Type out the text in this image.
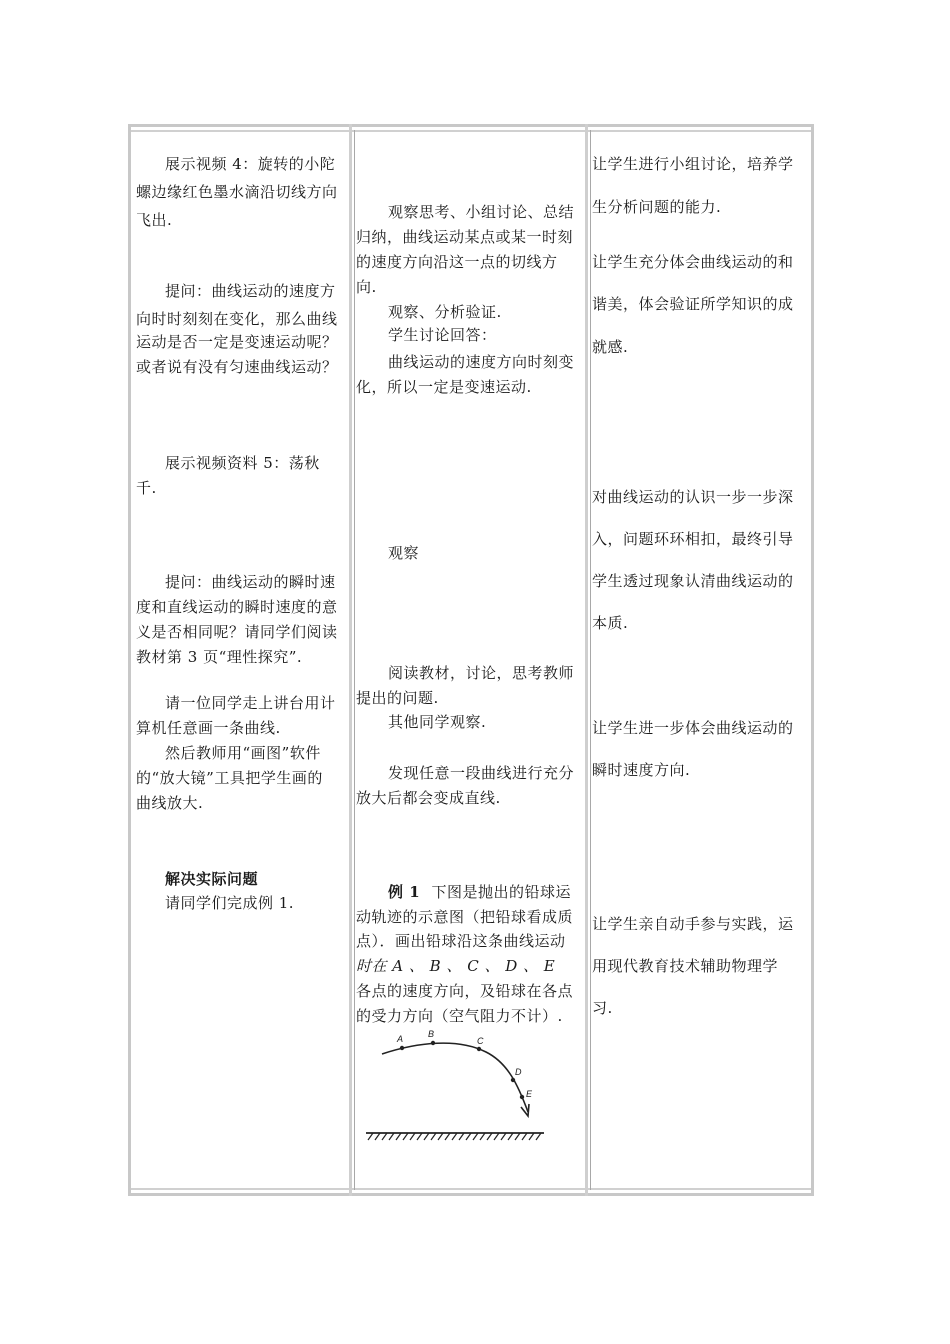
展示视频 4：旋转的小陀
螺边缘红色墨水滴沿切线方向
飞出.
提问：曲线运动的速度方
向时时刻刻在变化，那么曲线
运动是否一定是变速运动呢？
或者说有没有匀速曲线运动？
展示视频资料 5：荡秋
千.
提问：曲线运动的瞬时速
度和直线运动的瞬时速度的意
义是否相同呢？请同学们阅读
教材第 3 页“理性探究”.
请一位同学走上讲台用计
算机任意画一条曲线.
然后教师用“画图”软件
的“放大镜”工具把学生画的
曲线放大.
解决实际问题
请同学们完成例 1.
观察思考、小组讨论、总结
归纳，曲线运动某点或某一时刻
的速度方向沿这一点的切线方
向.
观察、分析验证.
学生讨论回答：
曲线运动的速度方向时刻变
化，所以一定是变速运动.
观察
阅读教材，讨论，思考教师
提出的问题.
其他同学观察.
发现任意一段曲线进行充分
放大后都会变成直线.
例 1 下图是抛出的铅球运
动轨迹的示意图（把铅球看成质
点）．画出铅球沿这条曲线运动
时在 A 、 B 、 C 、 D 、 E
各点的速度方向，及铅球在各点
的受力方向（空气阻力不计）.
A	B
C
D
E
让学生进行小组讨论，培养学
生分析问题的能力.
让学生充分体会曲线运动的和
谐美，体会验证所学知识的成
就感.
对曲线运动的认识一步一步深
入，问题环环相扣，最终引导
学生透过现象认清曲线运动的
本质.
让学生进一步体会曲线运动的
瞬时速度方向.
让学生亲自动手参与实践，运
用现代教育技术辅助物理学
习.
